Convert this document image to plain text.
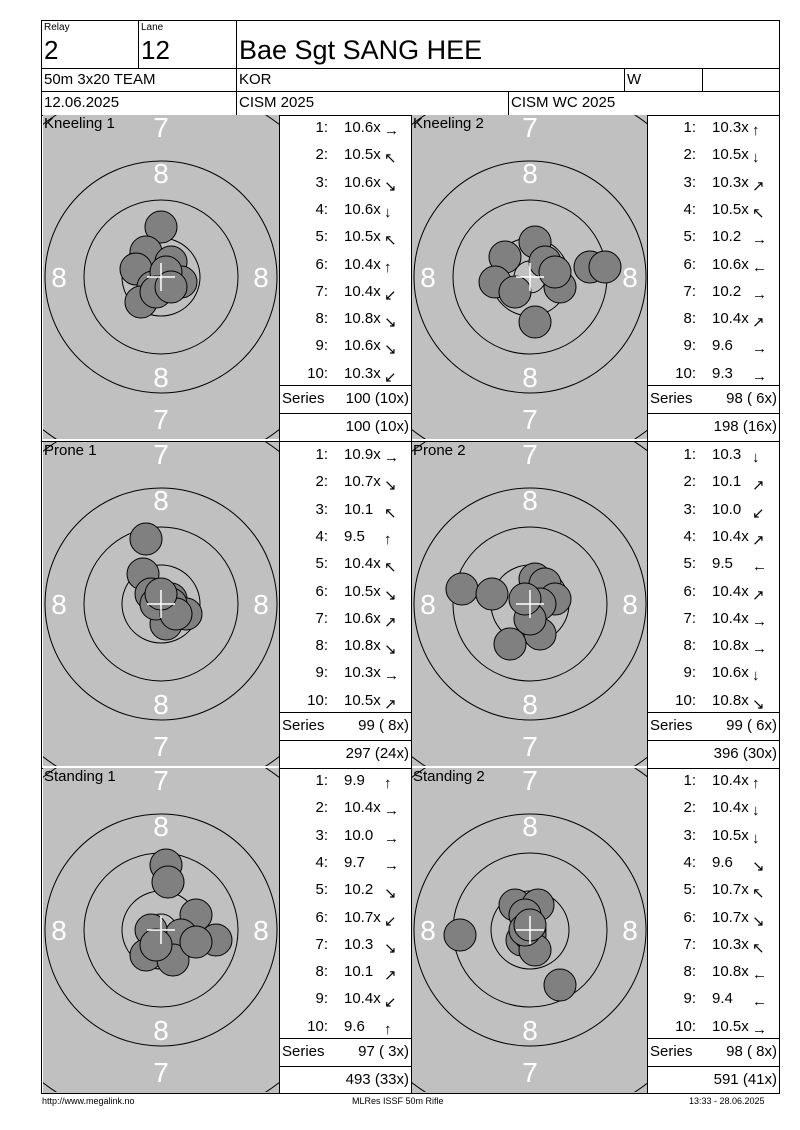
Relay
2
Lane
12	Bae Sgt SANG HEE
50m 3x20 TEAM	KOR	W
12.06.2025	CISM 2025	CISM WC 2025
Kneeling 1 7
7
8
8
8	8
1: 10.6x →
2: 10.5x ↖
3: 10.6x ↘
4: 10.6x ↓
5: 10.5x ↖
6: 10.4x ↑
7: 10.4x ↙
8: 10.8x ↘
9: 10.6x ↘
10: 10.3x ↙
Series 100 (10x)
100 (10x)
Kneeling 2 7
7
8
8
8	8
1: 10.3x ↑
2: 10.5x ↓
3: 10.3x ↗
4: 10.5x ↖
5: 10.2 →
6: 10.6x ←
7: 10.2 →
8: 10.4x ↗
9: 9.6 →
10: 9.3 →
Series 98 ( 6x)
198 (16x)
Prone 1 7
7
8
8
8	8
1: 10.9x →
2: 10.7x ↘
3: 10.1 ↖
4: 9.5 ↑
5: 10.4x ↖
6: 10.5x ↘
7: 10.6x ↗
8: 10.8x ↘
9: 10.3x →
10: 10.5x ↗
Series 99 ( 8x)
297 (24x)
Prone 2 7
7
8
8
8	8
1: 10.3 ↓
2: 10.1 ↗
3: 10.0 ↙
4: 10.4x ↗
5: 9.5 ←
6: 10.4x ↗
7: 10.4x →
8: 10.8x →
9: 10.6x ↓
10: 10.8x ↘
Series 99 ( 6x)
396 (30x)
Standing 1 7
7
8
8
8	8
1: 9.9 ↑
2: 10.4x →
3: 10.0 →
4: 9.7 →
5: 10.2 ↘
6: 10.7x ↙
7: 10.3 ↘
8: 10.1 ↗
9: 10.4x ↙
10: 9.6 ↑
Series 97 ( 3x)
493 (33x)
Standing 2 7
7
8
8
8	8
1: 10.4x ↑
2: 10.4x ↓
3: 10.5x ↓
4: 9.6 ↘
5: 10.7x ↖
6: 10.7x ↘
7: 10.3x ↖
8: 10.8x ←
9: 9.4 ←
10: 10.5x →
Series 98 ( 8x)
591 (41x)
http://www.megalink.no	MLRes ISSF 50m Rifle	13:33 - 28.06.2025
